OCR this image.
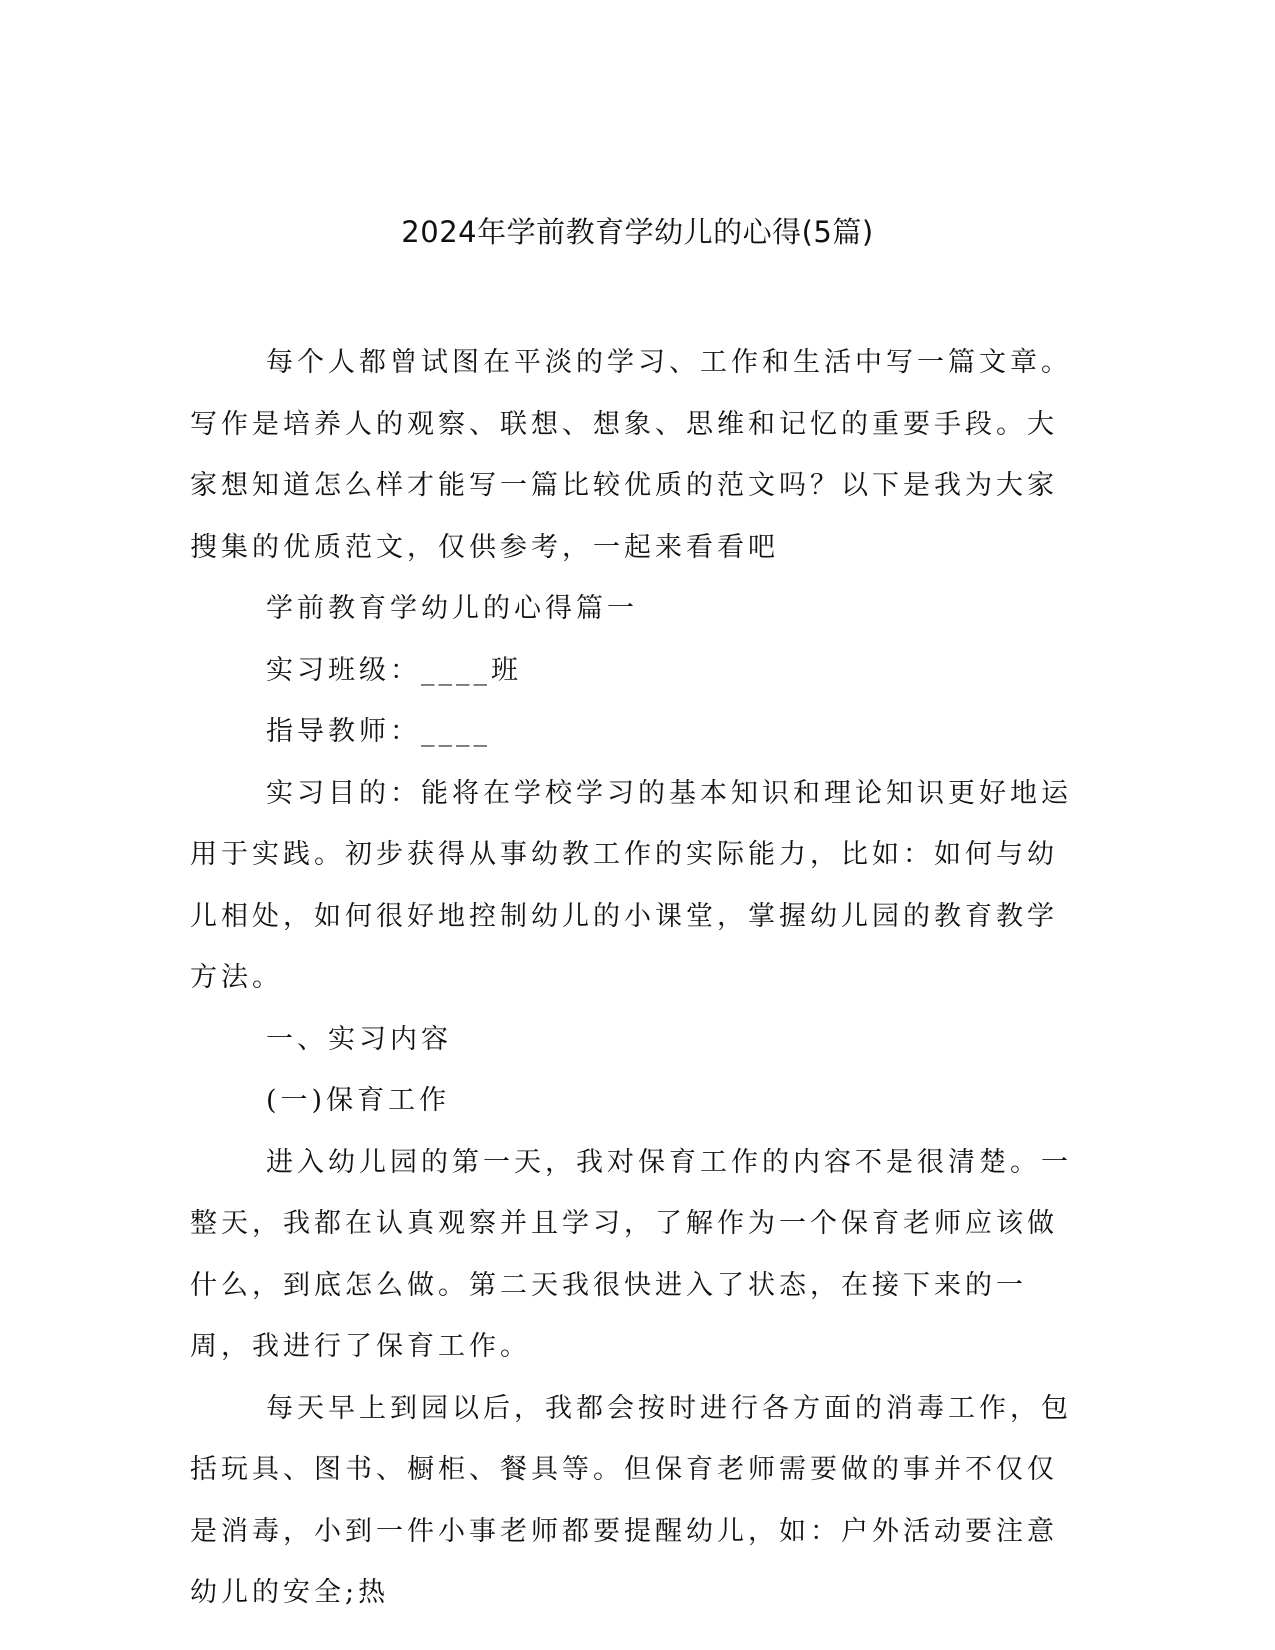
2024年学前教育学幼儿的心得(5篇)

每个人都曾试图在平淡的学习、工作和生活中写一篇文章。写作是培养人的观察、联想、想象、思维和记忆的重要手段。大家想知道怎么样才能写一篇比较优质的范文吗？以下是我为大家搜集的优质范文，仅供参考，一起来看看吧

学前教育学幼儿的心得篇一

实习班级：____班

指导教师：____

实习目的：能将在学校学习的基本知识和理论知识更好地运用于实践。初步获得从事幼教工作的实际能力，比如：如何与幼儿相处，如何很好地控制幼儿的小课堂，掌握幼儿园的教育教学方法。

一、实习内容

(一)保育工作

进入幼儿园的第一天，我对保育工作的内容不是很清楚。一整天，我都在认真观察并且学习，了解作为一个保育老师应该做什么，到底怎么做。第二天我很快进入了状态，在接下来的一周，我进行了保育工作。

每天早上到园以后，我都会按时进行各方面的消毒工作，包括玩具、图书、橱柜、餐具等。但保育老师需要做的事并不仅仅是消毒，小到一件小事老师都要提醒幼儿，如：户外活动要注意幼儿的安全;热
